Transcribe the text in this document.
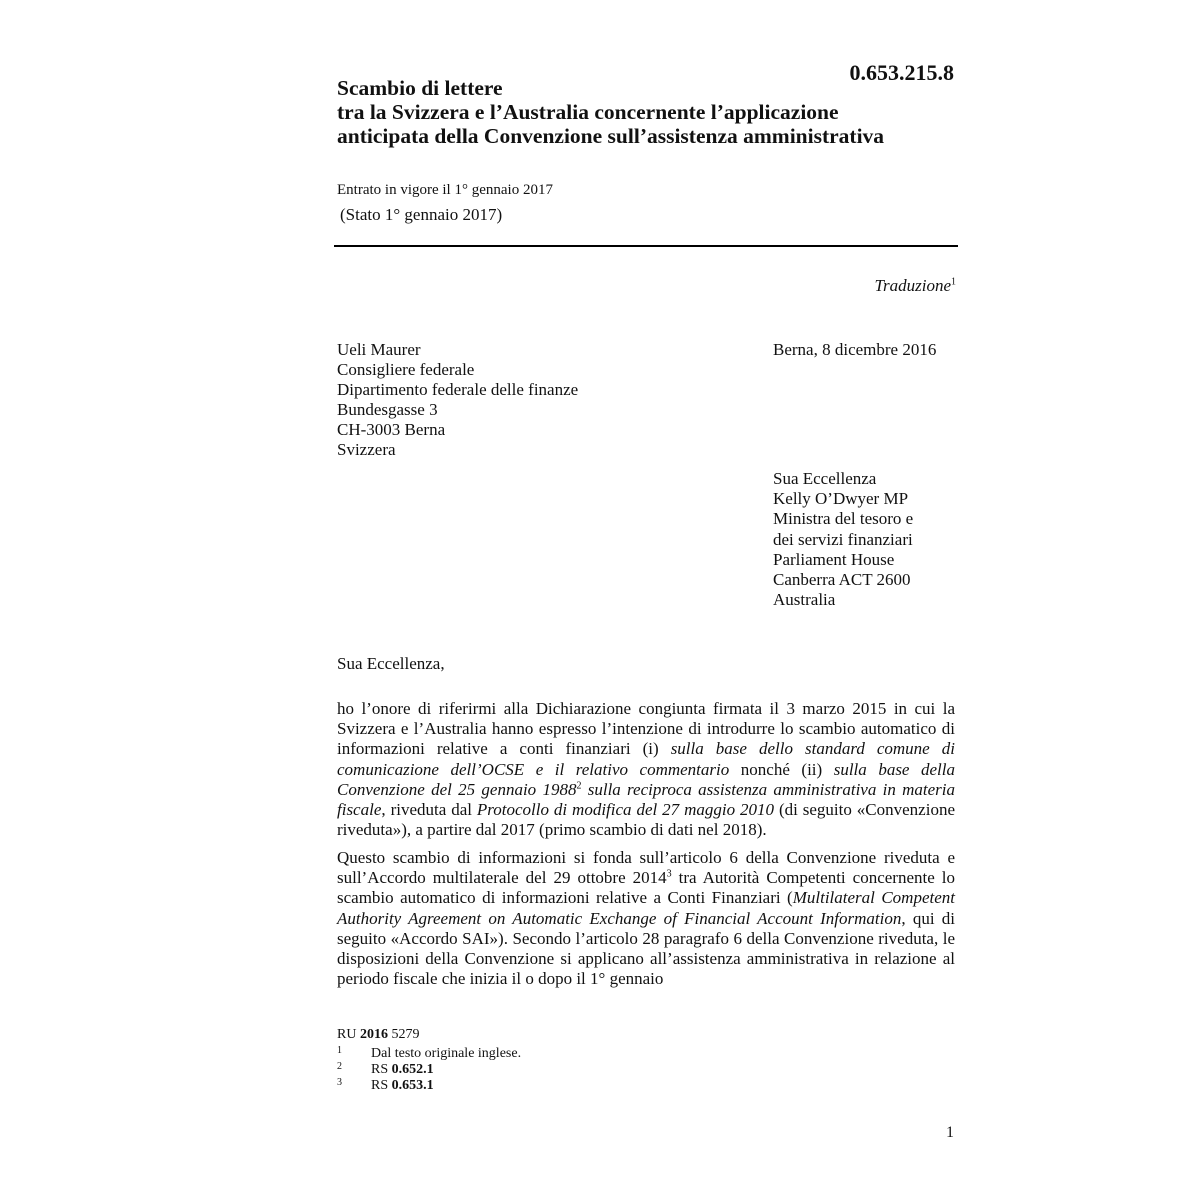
0.653.215.8
Scambio di lettere
tra la Svizzera e l’Australia concernente l’applicazione
anticipata della Convenzione sull’assistenza amministrativa
Entrato in vigore il 1° gennaio 2017
(Stato 1° gennaio 2017)
Traduzione$^1$
Ueli Maurer
Consigliere federale
Dipartimento federale delle finanze
Bundesgasse 3
CH-3003 Berna
Svizzera
Berna, 8 dicembre 2016
Sua Eccellenza
Kelly O’Dwyer MP
Ministra del tesoro e
dei servizi finanziari
Parliament House
Canberra ACT 2600
Australia
Sua Eccellenza,
ho l’onore di riferirmi alla Dichiarazione congiunta firmata il 3 marzo 2015 in cui la Svizzera e l’Australia hanno espresso l’intenzione di introdurre lo scambio automatico di informazioni relative a conti finanziari (i) sulla base dello standard comune di comunicazione dell’OCSE e il relativo commentario nonché (ii) sulla base della Convenzione del 25 gennaio 1988$^2$ sulla reciproca assistenza amministrativa in materia fiscale, riveduta dal Protocollo di modifica del 27 maggio 2010 (di seguito «Convenzione riveduta»), a partire dal 2017 (primo scambio di dati nel 2018).
Questo scambio di informazioni si fonda sull’articolo 6 della Convenzione riveduta e sull’Accordo multilaterale del 29 ottobre 2014$^3$ tra Autorità Competenti concernente lo scambio automatico di informazioni relative a Conti Finanziari (Multilateral Competent Authority Agreement on Automatic Exchange of Financial Account Information, qui di seguito «Accordo SAI»). Secondo l’articolo 28 paragrafo 6 della Convenzione riveduta, le disposizioni della Convenzione si applicano all’assistenza amministrativa in relazione al periodo fiscale che inizia il o dopo il 1° gennaio
RU 2016 5279
1	Dal testo originale inglese.
2	RS 0.652.1
3	RS 0.653.1
1
